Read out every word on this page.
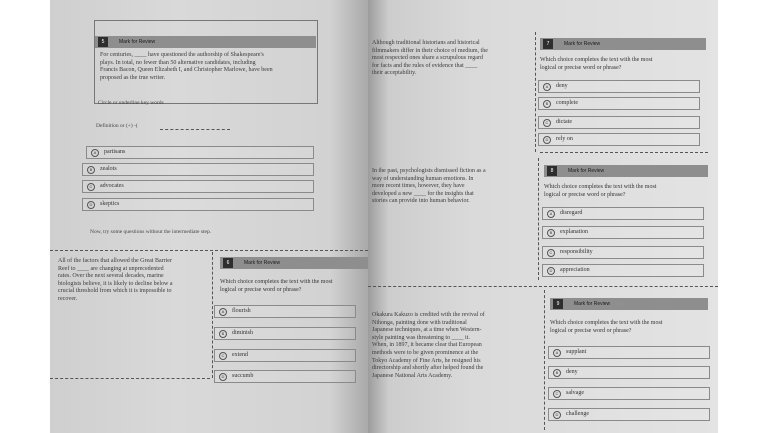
5	Mark for Review
For centuries, ____ have questioned the authorship of Shakespeare's
plays. In total, no fewer than 50 alternative candidates, including
Francis Bacon, Queen Elizabeth I, and Christopher Marlowe, have been
proposed as the true writer.
Circle or underline key words
Definition or (+) -(
A	partisans
B	zealots
C	advocates
D	skeptics
Now, try some questions without the intermediate step.
All of the factors that allowed the Great Barrier
Reef to ____ are changing at unprecedented
rates. Over the next several decades, marine
biologists believe, it is likely to decline below a
crucial threshold from which it is impossible to
recover.
6	Mark for Review
Which choice completes the text with the most
logical or precise word or phrase?
A	flourish
B	diminish
C	extend
D	succumb
Although traditional historians and historical
filmmakers differ in their choice of medium, the
most respected ones share a scrupulous regard
for facts and the rules of evidence that ____
their acceptability.
7	Mark for Review
Which choice completes the text with the most
logical or precise word or phrase?
A	deny
B	complete
C	dictate
D	rely on
In the past, psychologists dismissed fiction as a
way of understanding human emotions. In
more recent times, however, they have
developed a new ____ for the insights that
stories can provide into human behavior.
8	Mark for Review
Which choice completes the text with the most
logical or precise word or phrase?
A	disregard
B	explanation
C	responsibility
D	appreciation
Okakura Kakuzo is credited with the revival of
Nihonga, painting done with traditional
Japanese techniques, at a time when Western-
style painting was threatening to ____ it.
When, in 1897, it became clear that European
methods were to be given prominence at the
Tokyo Academy of Fine Arts, he resigned his
directorship and shortly after helped found the
Japanese National Arts Academy.
9	Mark for Review
Which choice completes the text with the most
logical or precise word or phrase?
A	supplant
B	deny
C	salvage
D	challenge
